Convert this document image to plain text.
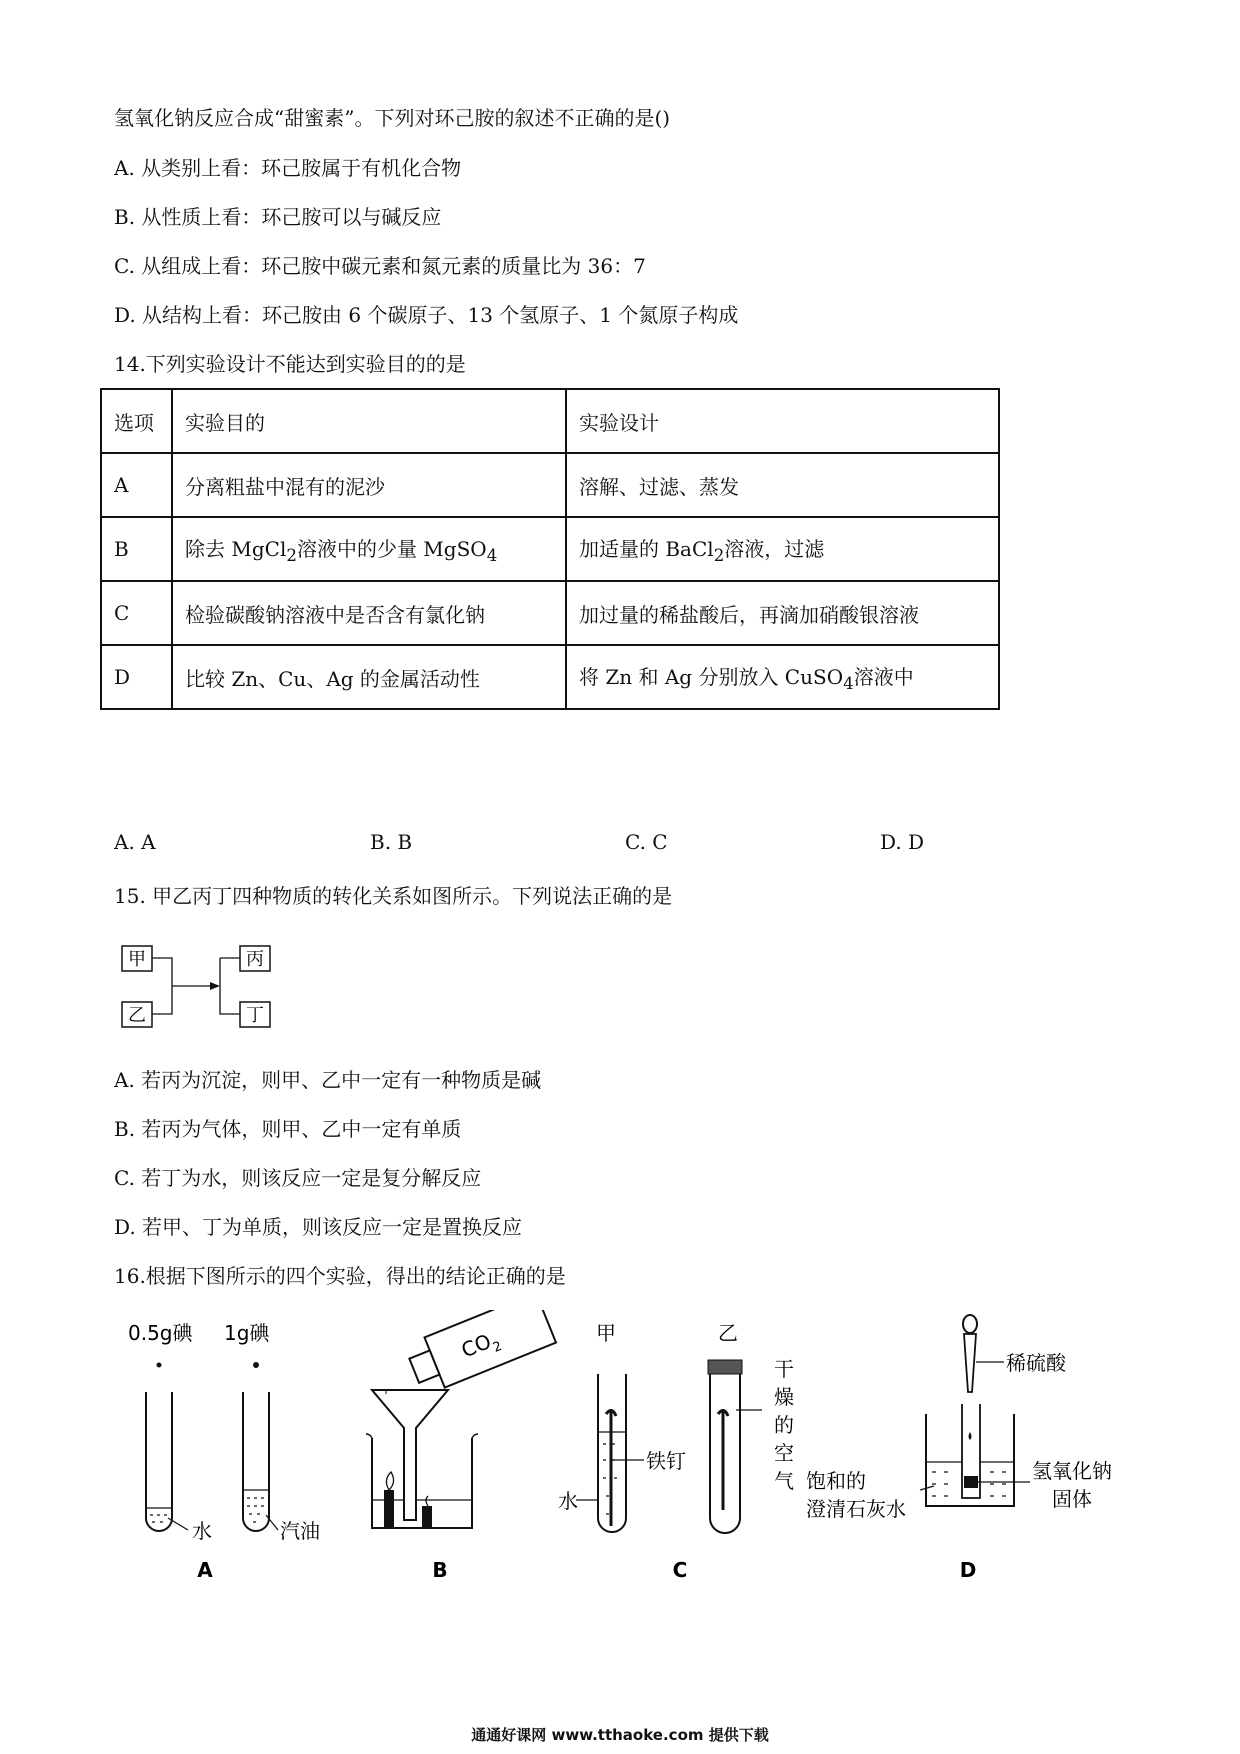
氢氧化钠反应合成“甜蜜素”。下列对环己胺的叙述不正确的是()
A. 从类别上看：环己胺属于有机化合物
B. 从性质上看：环己胺可以与碱反应
C. 从组成上看：环己胺中碳元素和氮元素的质量比为 36：7
D. 从结构上看：环己胺由 6 个碳原子、13 个氢原子、1 个氮原子构成
14.下列实验设计不能达到实验目的的是
选项	实验目的	实验设计
A	分离粗盐中混有的泥沙	溶解、过滤、蒸发
B	除去 MgCl$_2$溶液中的少量 MgSO$_4$	加适量的 BaCl$_2$溶液，过滤
C	检验碳酸钠溶液中是否含有氯化钠	加过量的稀盐酸后，再滴加硝酸银溶液
D	比较 Zn、Cu、Ag 的金属活动性	将 Zn 和 Ag 分别放入 CuSO$_4$溶液中
A. A	B. B	C. C	D. D
15. 甲乙丙丁四种物质的转化关系如图所示。下列说法正确的是
甲
乙
丙
丁
A. 若丙为沉淀，则甲、乙中一定有一种物质是碱
B. 若丙为气体，则甲、乙中一定有单质
C. 若丁为水，则该反应一定是复分解反应
D. 若甲、丁为单质，则该反应一定是置换反应
16.根据下图所示的四个实验，得出的结论正确的是
0.5g碘 1g碘
水	汽油
A
CO
2
B
甲	乙
水
铁钉
干
燥
的
空
气
C
稀硫酸
氢氧化钠
固体
饱和的
澄清石灰水
D
通通好课网 www.tthaoke.com 提供下载
